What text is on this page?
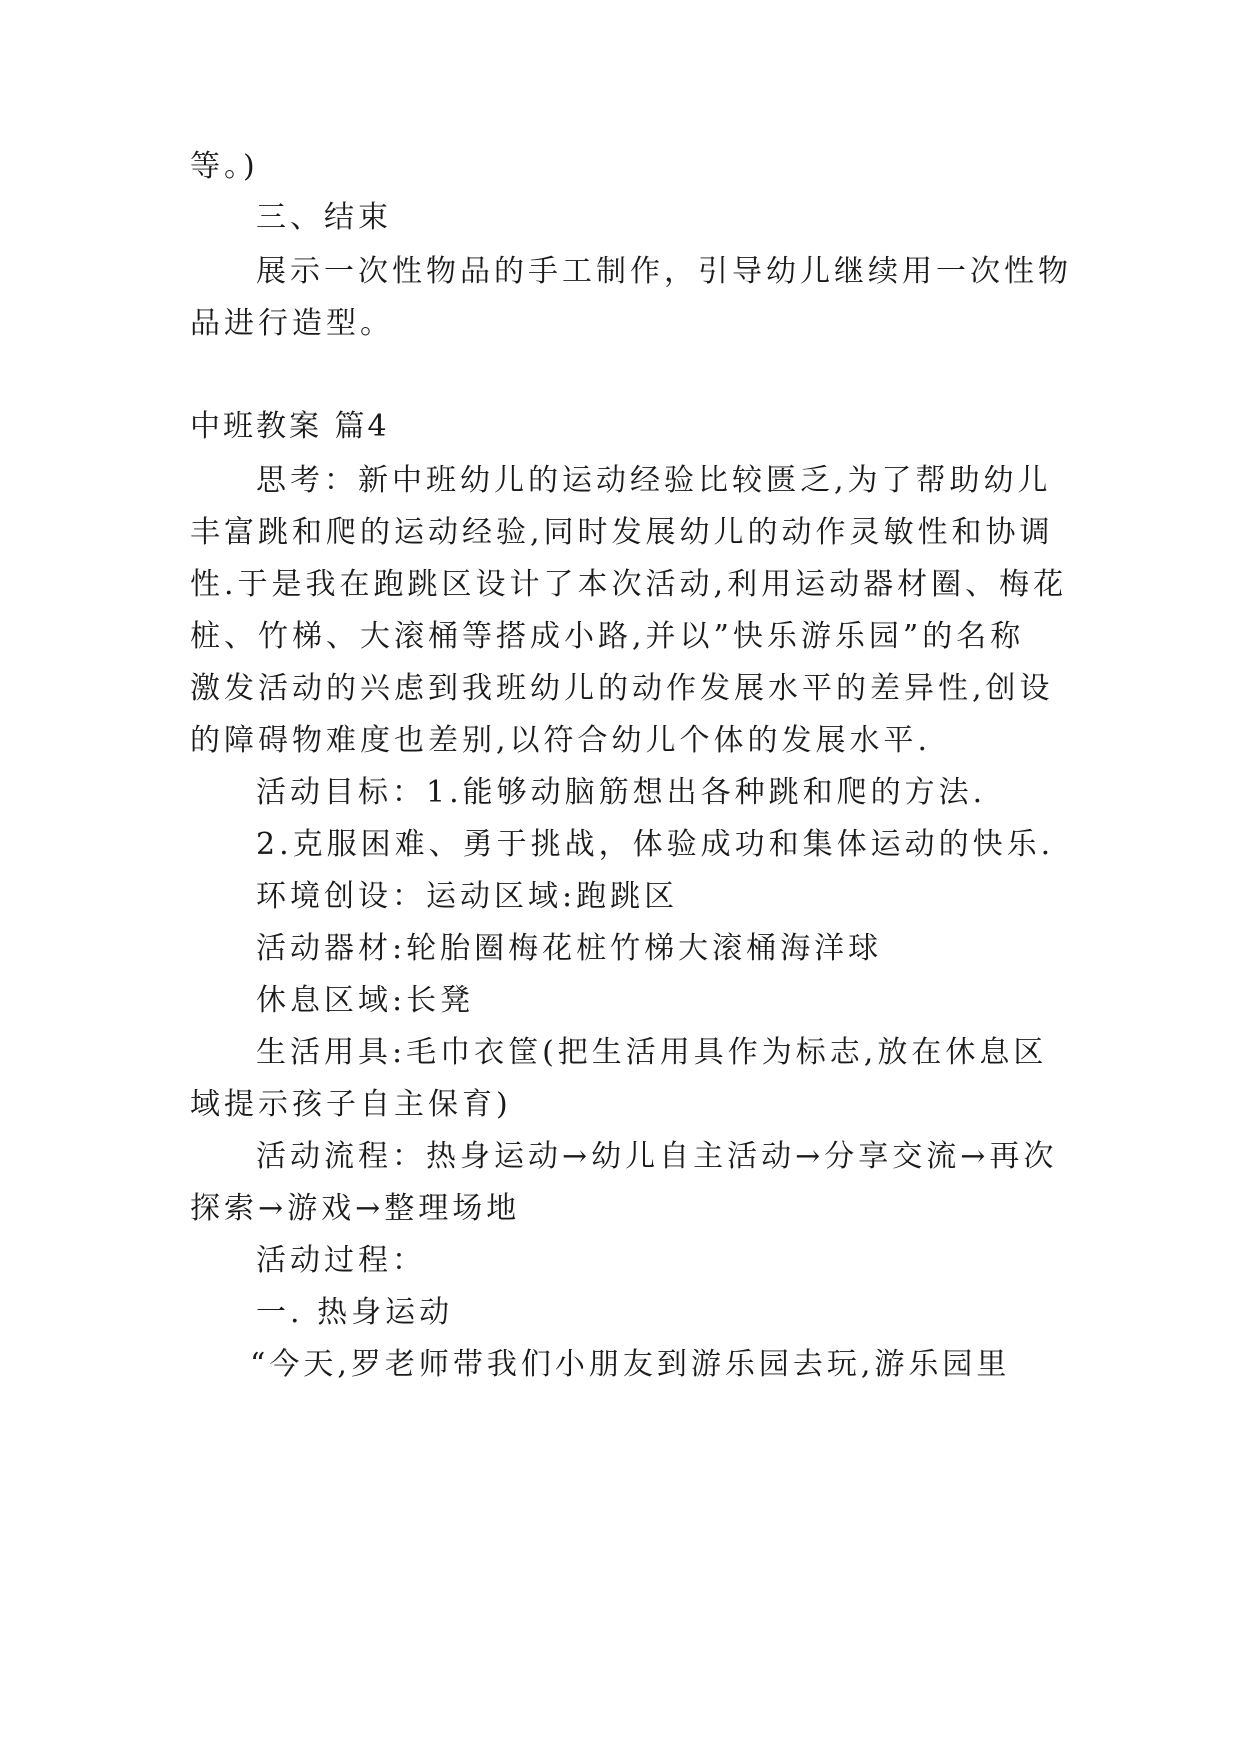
等。)
三、结束
展示一次性物品的手工制作，引导幼儿继续用一次性物
品进行造型。
中班教案 篇4
思考：新中班幼儿的运动经验比较匮乏,为了帮助幼儿
丰富跳和爬的运动经验,同时发展幼儿的动作灵敏性和协调
性.于是我在跑跳区设计了本次活动,利用运动器材圈、梅花
桩、竹梯、大滚桶等搭成小路,并以”快乐游乐园”的名称
激发活动的兴虑到我班幼儿的动作发展水平的差异性,创设
的障碍物难度也差别,以符合幼儿个体的发展水平.
活动目标：1.能够动脑筋想出各种跳和爬的方法.
2.克服困难、勇于挑战，体验成功和集体运动的快乐.
环境创设：运动区域:跑跳区
活动器材:轮胎圈梅花桩竹梯大滚桶海洋球
休息区域:长凳
生活用具:毛巾衣筐(把生活用具作为标志,放在休息区
域提示孩子自主保育)
活动流程：热身运动→幼儿自主活动→分享交流→再次
探索→游戏→整理场地
活动过程：
一. 热身运动
“今天,罗老师带我们小朋友到游乐园去玩,游乐园里
